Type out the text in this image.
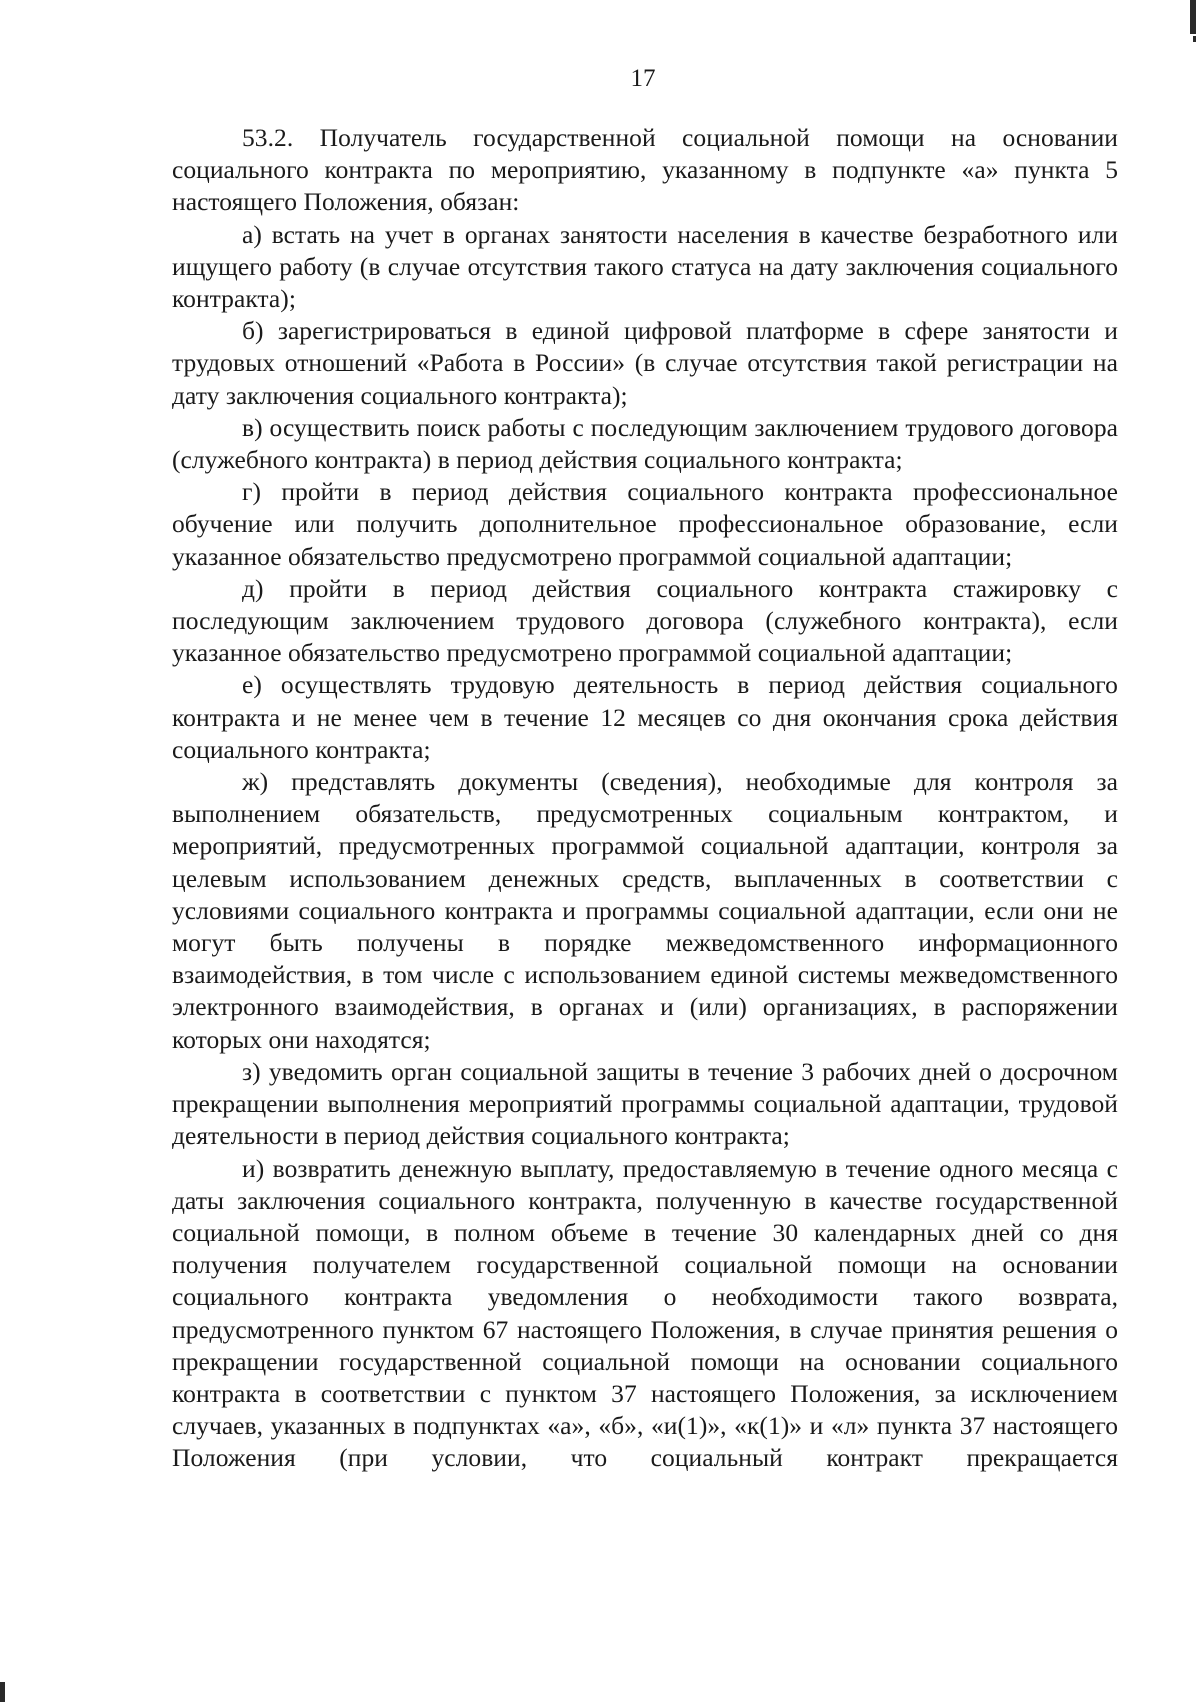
17

53.2. Получатель государственной социальной помощи на основании социального контракта по мероприятию, указанному в подпункте «а» пункта 5 настоящего Положения, обязан:

а) встать на учет в органах занятости населения в качестве безработного или ищущего работу (в случае отсутствия такого статуса на дату заключения социального контракта);

б) зарегистрироваться в единой цифровой платформе в сфере занятости и трудовых отношений «Работа в России» (в случае отсутствия такой регистрации на дату заключения социального контракта);

в) осуществить поиск работы с последующим заключением трудового договора (служебного контракта) в период действия социального контракта;

г) пройти в период действия социального контракта профессиональное обучение или получить дополнительное профессиональное образование, если указанное обязательство предусмотрено программой социальной адаптации;

д) пройти в период действия социального контракта стажировку с последующим заключением трудового договора (служебного контракта), если указанное обязательство предусмотрено программой социальной адаптации;

е) осуществлять трудовую деятельность в период действия социального контракта и не менее чем в течение 12 месяцев со дня окончания срока действия социального контракта;

ж) представлять документы (сведения), необходимые для контроля за выполнением обязательств, предусмотренных социальным контрактом, и мероприятий, предусмотренных программой социальной адаптации, контроля за целевым использованием денежных средств, выплаченных в соответствии с условиями социального контракта и программы социальной адаптации, если они не могут быть получены в порядке межведомственного информационного взаимодействия, в том числе с использованием единой системы межведомственного электронного взаимодействия, в органах и (или) организациях, в распоряжении которых они находятся;

з) уведомить орган социальной защиты в течение 3 рабочих дней о досрочном прекращении выполнения мероприятий программы социальной адаптации, трудовой деятельности в период действия социального контракта;

и) возвратить денежную выплату, предоставляемую в течение одного месяца с даты заключения социального контракта, полученную в качестве государственной социальной помощи, в полном объеме в течение 30 календарных дней со дня получения получателем государственной социальной помощи на основании социального контракта уведомления о необходимости такого возврата, предусмотренного пунктом 67 настоящего Положения, в случае принятия решения о прекращении государственной социальной помощи на основании социального контракта в соответствии с пунктом 37 настоящего Положения, за исключением случаев, указанных в подпунктах «а», «б», «и(1)», «к(1)» и «л» пункта 37 настоящего Положения (при условии, что социальный контракт прекращается
